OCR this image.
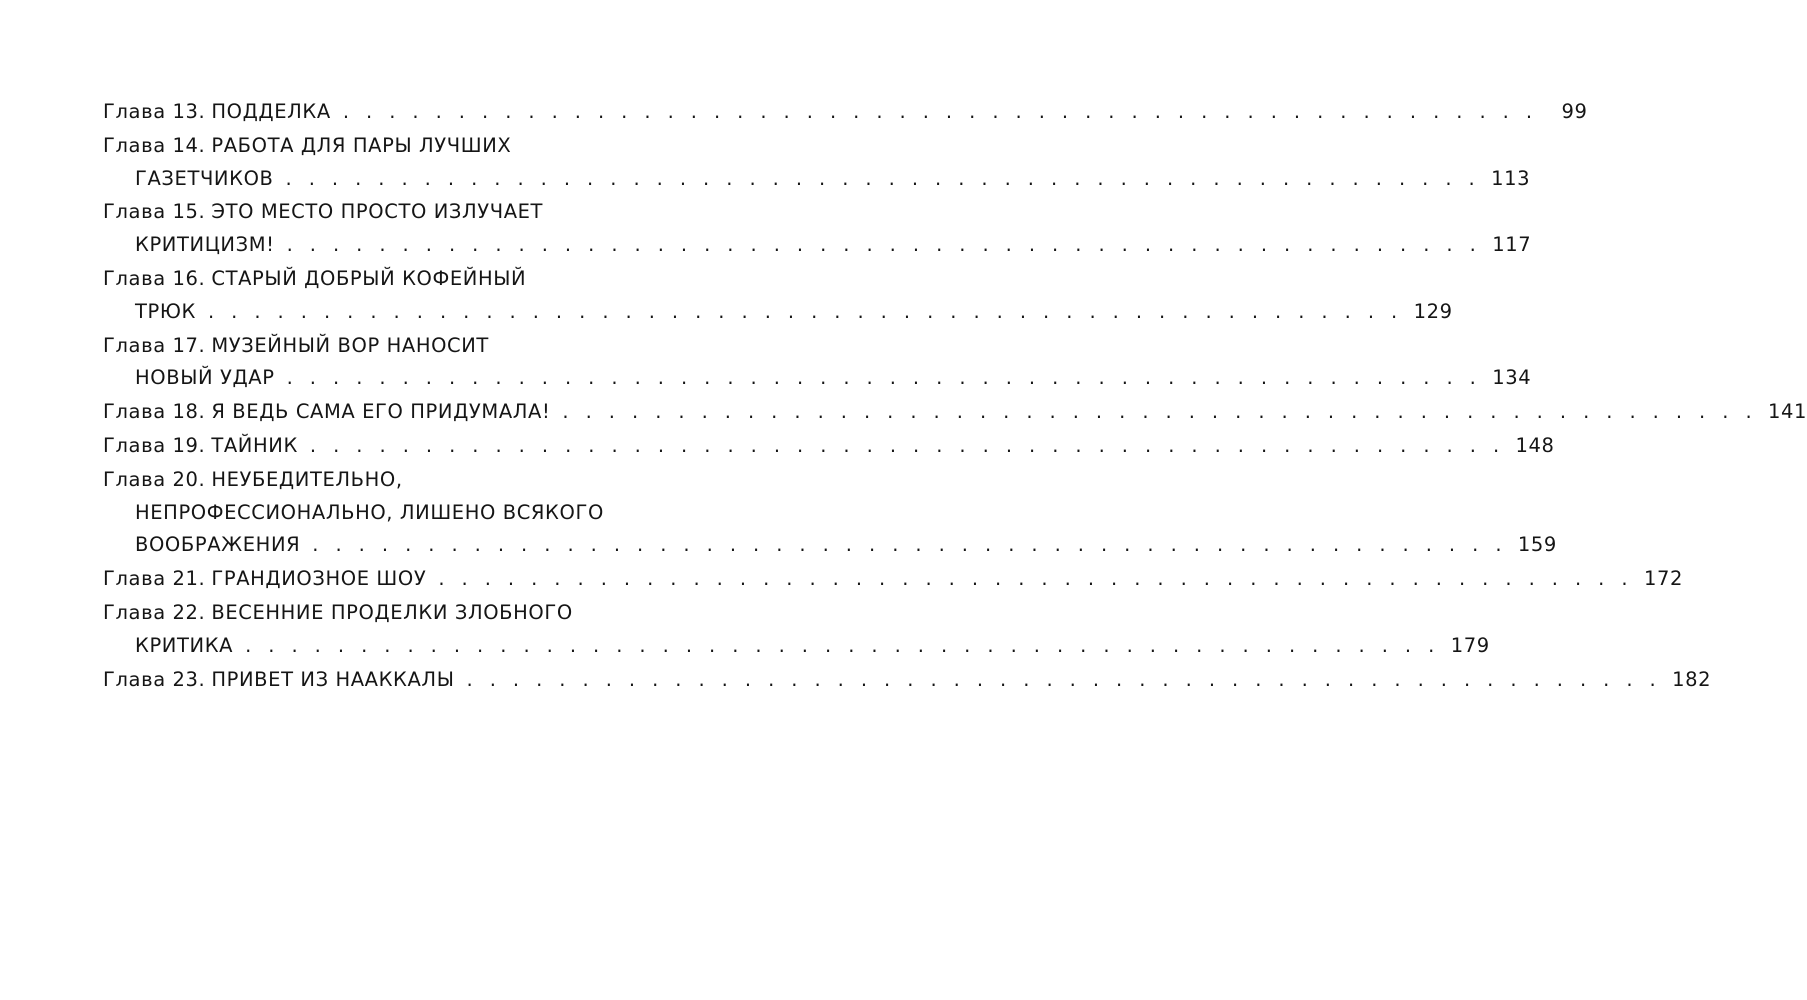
Глава 13. ПОДДЕЛКА . . . . . . . . . . . . . . . . . . . . . . . . . . . . . . . . . . . . . . . . . . . . . . . . . . . .	99
Глава 14. РАБОТА ДЛЯ ПАРЫ ЛУЧШИХ
ГАЗЕТЧИКОВ . . . . . . . . . . . . . . . . . . . . . . . . . . . . . . . . . . . . . . . . . . . . . . . . . . . . 113
Глава 15. ЭТО МЕСТО ПРОСТО ИЗЛУЧАЕТ
КРИТИЦИЗМ! . . . . . . . . . . . . . . . . . . . . . . . . . . . . . . . . . . . . . . . . . . . . . . . . . . . . 117
Глава 16. СТАРЫЙ ДОБРЫЙ КОФЕЙНЫЙ
ТРЮК . . . . . . . . . . . . . . . . . . . . . . . . . . . . . . . . . . . . . . . . . . . . . . . . . . . . 129
Глава 17. МУЗЕЙНЫЙ ВОР НАНОСИТ
НОВЫЙ УДАР . . . . . . . . . . . . . . . . . . . . . . . . . . . . . . . . . . . . . . . . . . . . . . . . . . . . 134
Глава 18. Я ВЕДЬ САМА ЕГО ПРИДУМАЛА! . . . . . . . . . . . . . . . . . . . . . . . . . . . . . . . . . . . . . . . . . . . . . . . . . . . . 141
Глава 19. ТАЙНИК . . . . . . . . . . . . . . . . . . . . . . . . . . . . . . . . . . . . . . . . . . . . . . . . . . . . 148
Глава 20. НЕУБЕДИТЕЛЬНО,
НЕПРОФЕССИОНАЛЬНО, ЛИШЕНО ВСЯКОГО
ВООБРАЖЕНИЯ . . . . . . . . . . . . . . . . . . . . . . . . . . . . . . . . . . . . . . . . . . . . . . . . . . . . 159
Глава 21. ГРАНДИОЗНОЕ ШОУ . . . . . . . . . . . . . . . . . . . . . . . . . . . . . . . . . . . . . . . . . . . . . . . . . . . . 172
Глава 22. ВЕСЕННИЕ ПРОДЕЛКИ ЗЛОБНОГО
КРИТИКА . . . . . . . . . . . . . . . . . . . . . . . . . . . . . . . . . . . . . . . . . . . . . . . . . . . . 179
Глава 23. ПРИВЕТ ИЗ НААККАЛЫ . . . . . . . . . . . . . . . . . . . . . . . . . . . . . . . . . . . . . . . . . . . . . . . . . . . . 182
